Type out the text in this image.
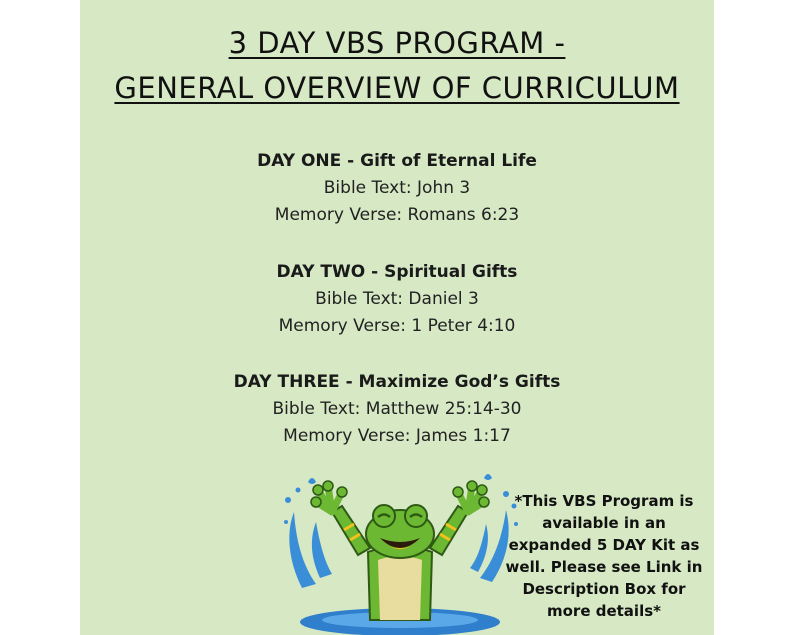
3 DAY VBS PROGRAM -
GENERAL OVERVIEW OF CURRICULUM
DAY ONE - Gift of Eternal Life
Bible Text: John 3
Memory Verse: Romans 6:23
DAY TWO - Spiritual Gifts
Bible Text: Daniel 3
Memory Verse: 1 Peter 4:10
DAY THREE - Maximize God’s Gifts
Bible Text: Matthew 25:14-30
Memory Verse: James 1:17
*This VBS Program is
available in an
expanded 5 DAY Kit as
well. Please see Link in
Description Box for
more details*
